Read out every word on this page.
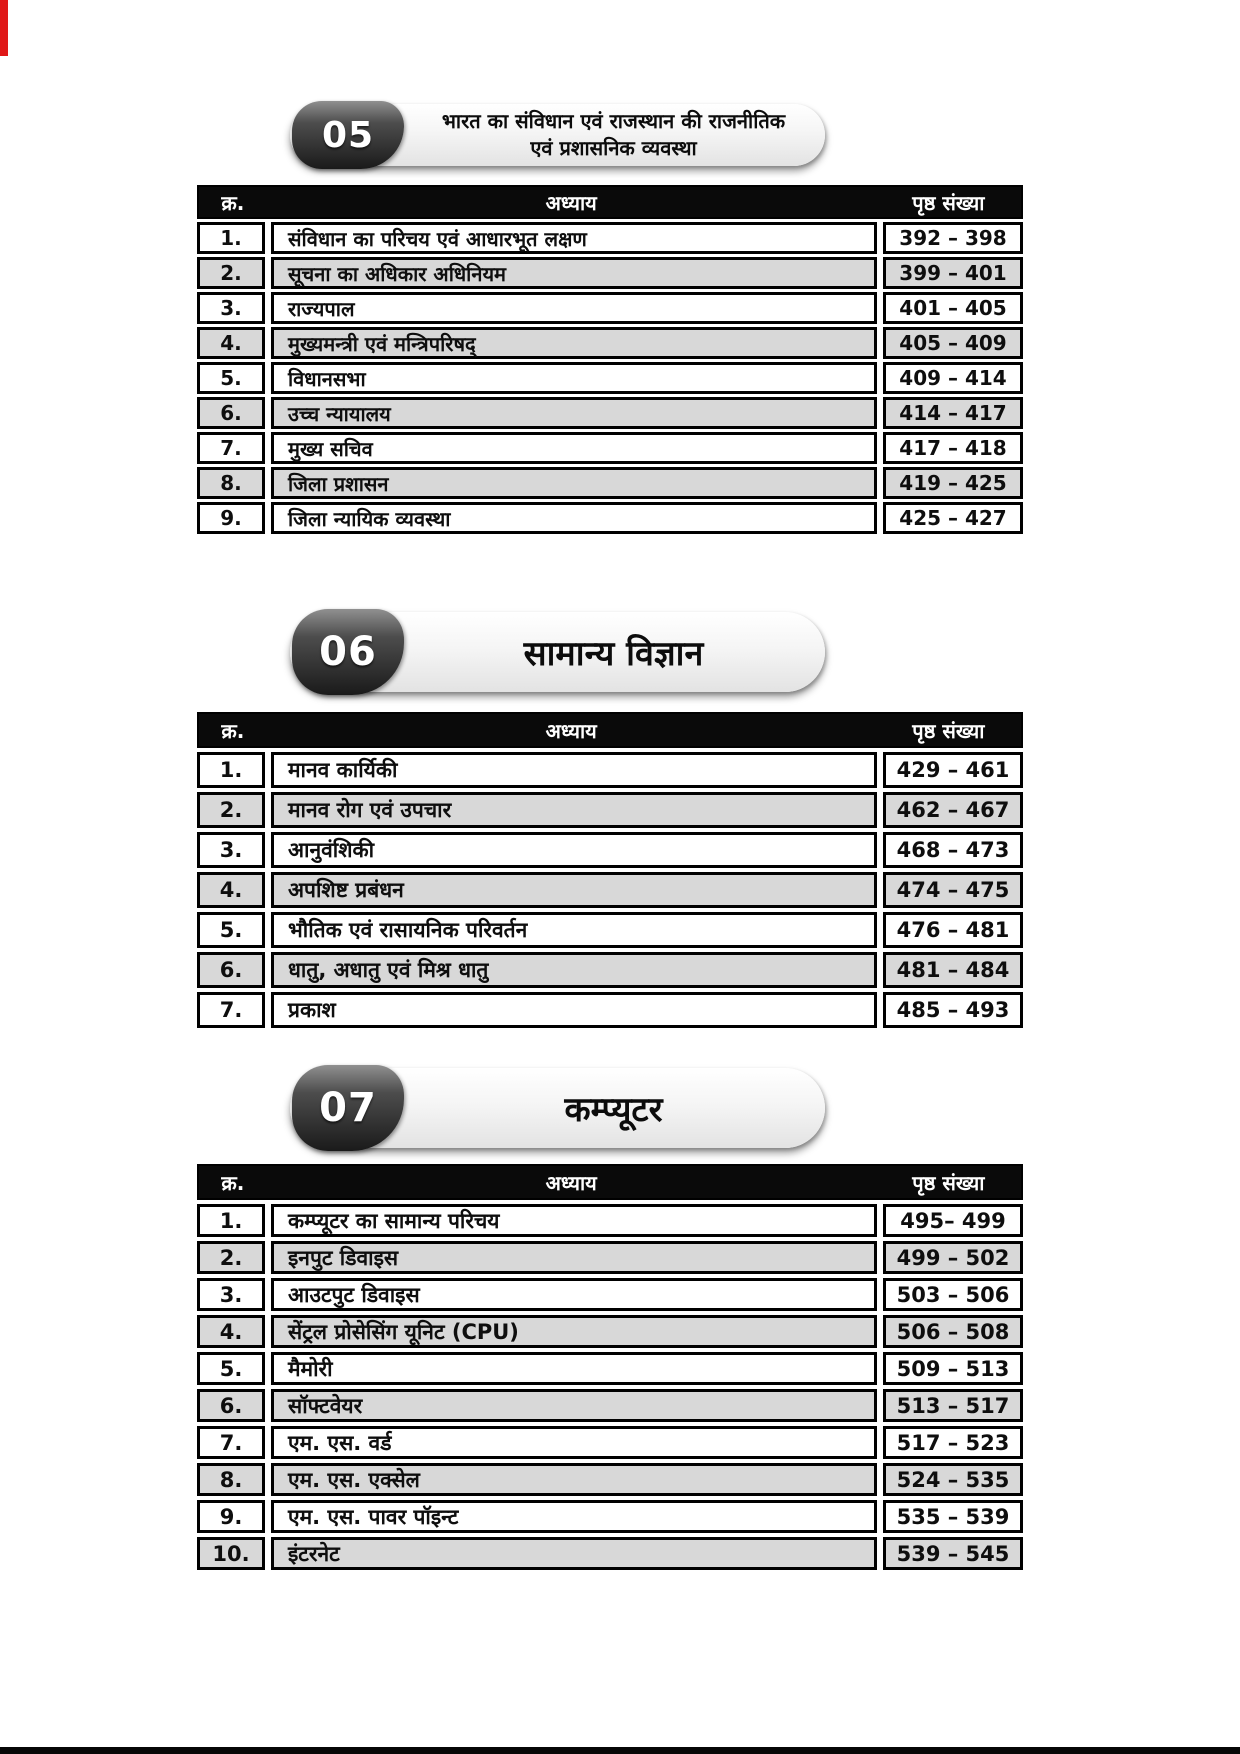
05	भारत का संविधान एवं राजस्थान की राजनीतिक
एवं प्रशासनिक व्यवस्था
क्र.	अध्याय	पृष्ठ संख्या
1.	संविधान का परिचय एवं आधारभूत लक्षण	392 – 398
2.	सूचना का अधिकार अधिनियम	399 – 401
3.	राज्यपाल	401 – 405
4.	मुख्यमन्त्री एवं मन्त्रिपरिषद्	405 – 409
5.	विधानसभा	409 – 414
6.	उच्च न्यायालय	414 – 417
7.	मुख्य सचिव	417 – 418
8.	जिला प्रशासन	419 – 425
9.	जिला न्यायिक व्यवस्था	425 – 427
06	सामान्य विज्ञान
क्र.	अध्याय	पृष्ठ संख्या
1.	मानव कार्यिकी	429 – 461
2.	मानव रोग एवं उपचार	462 – 467
3.	आनुवंशिकी	468 – 473
4.	अपशिष्ट प्रबंधन	474 – 475
5.	भौतिक एवं रासायनिक परिवर्तन	476 – 481
6.	धातु, अधातु एवं मिश्र धातु	481 – 484
7.	प्रकाश	485 – 493
07	कम्प्यूटर
क्र.	अध्याय	पृष्ठ संख्या
1.	कम्प्यूटर का सामान्य परिचय	495– 499
2.	इनपुट डिवाइस	499 – 502
3.	आउटपुट डिवाइस	503 – 506
4.	सेंट्रल प्रोसेसिंग यूनिट (CPU)	506 – 508
5.	मैमोरी	509 – 513
6.	सॉफ्टवेयर	513 – 517
7.	एम. एस. वर्ड	517 – 523
8.	एम. एस. एक्सेल	524 – 535
9.	एम. एस. पावर पॉइन्ट	535 – 539
10.	इंटरनेट	539 – 545
